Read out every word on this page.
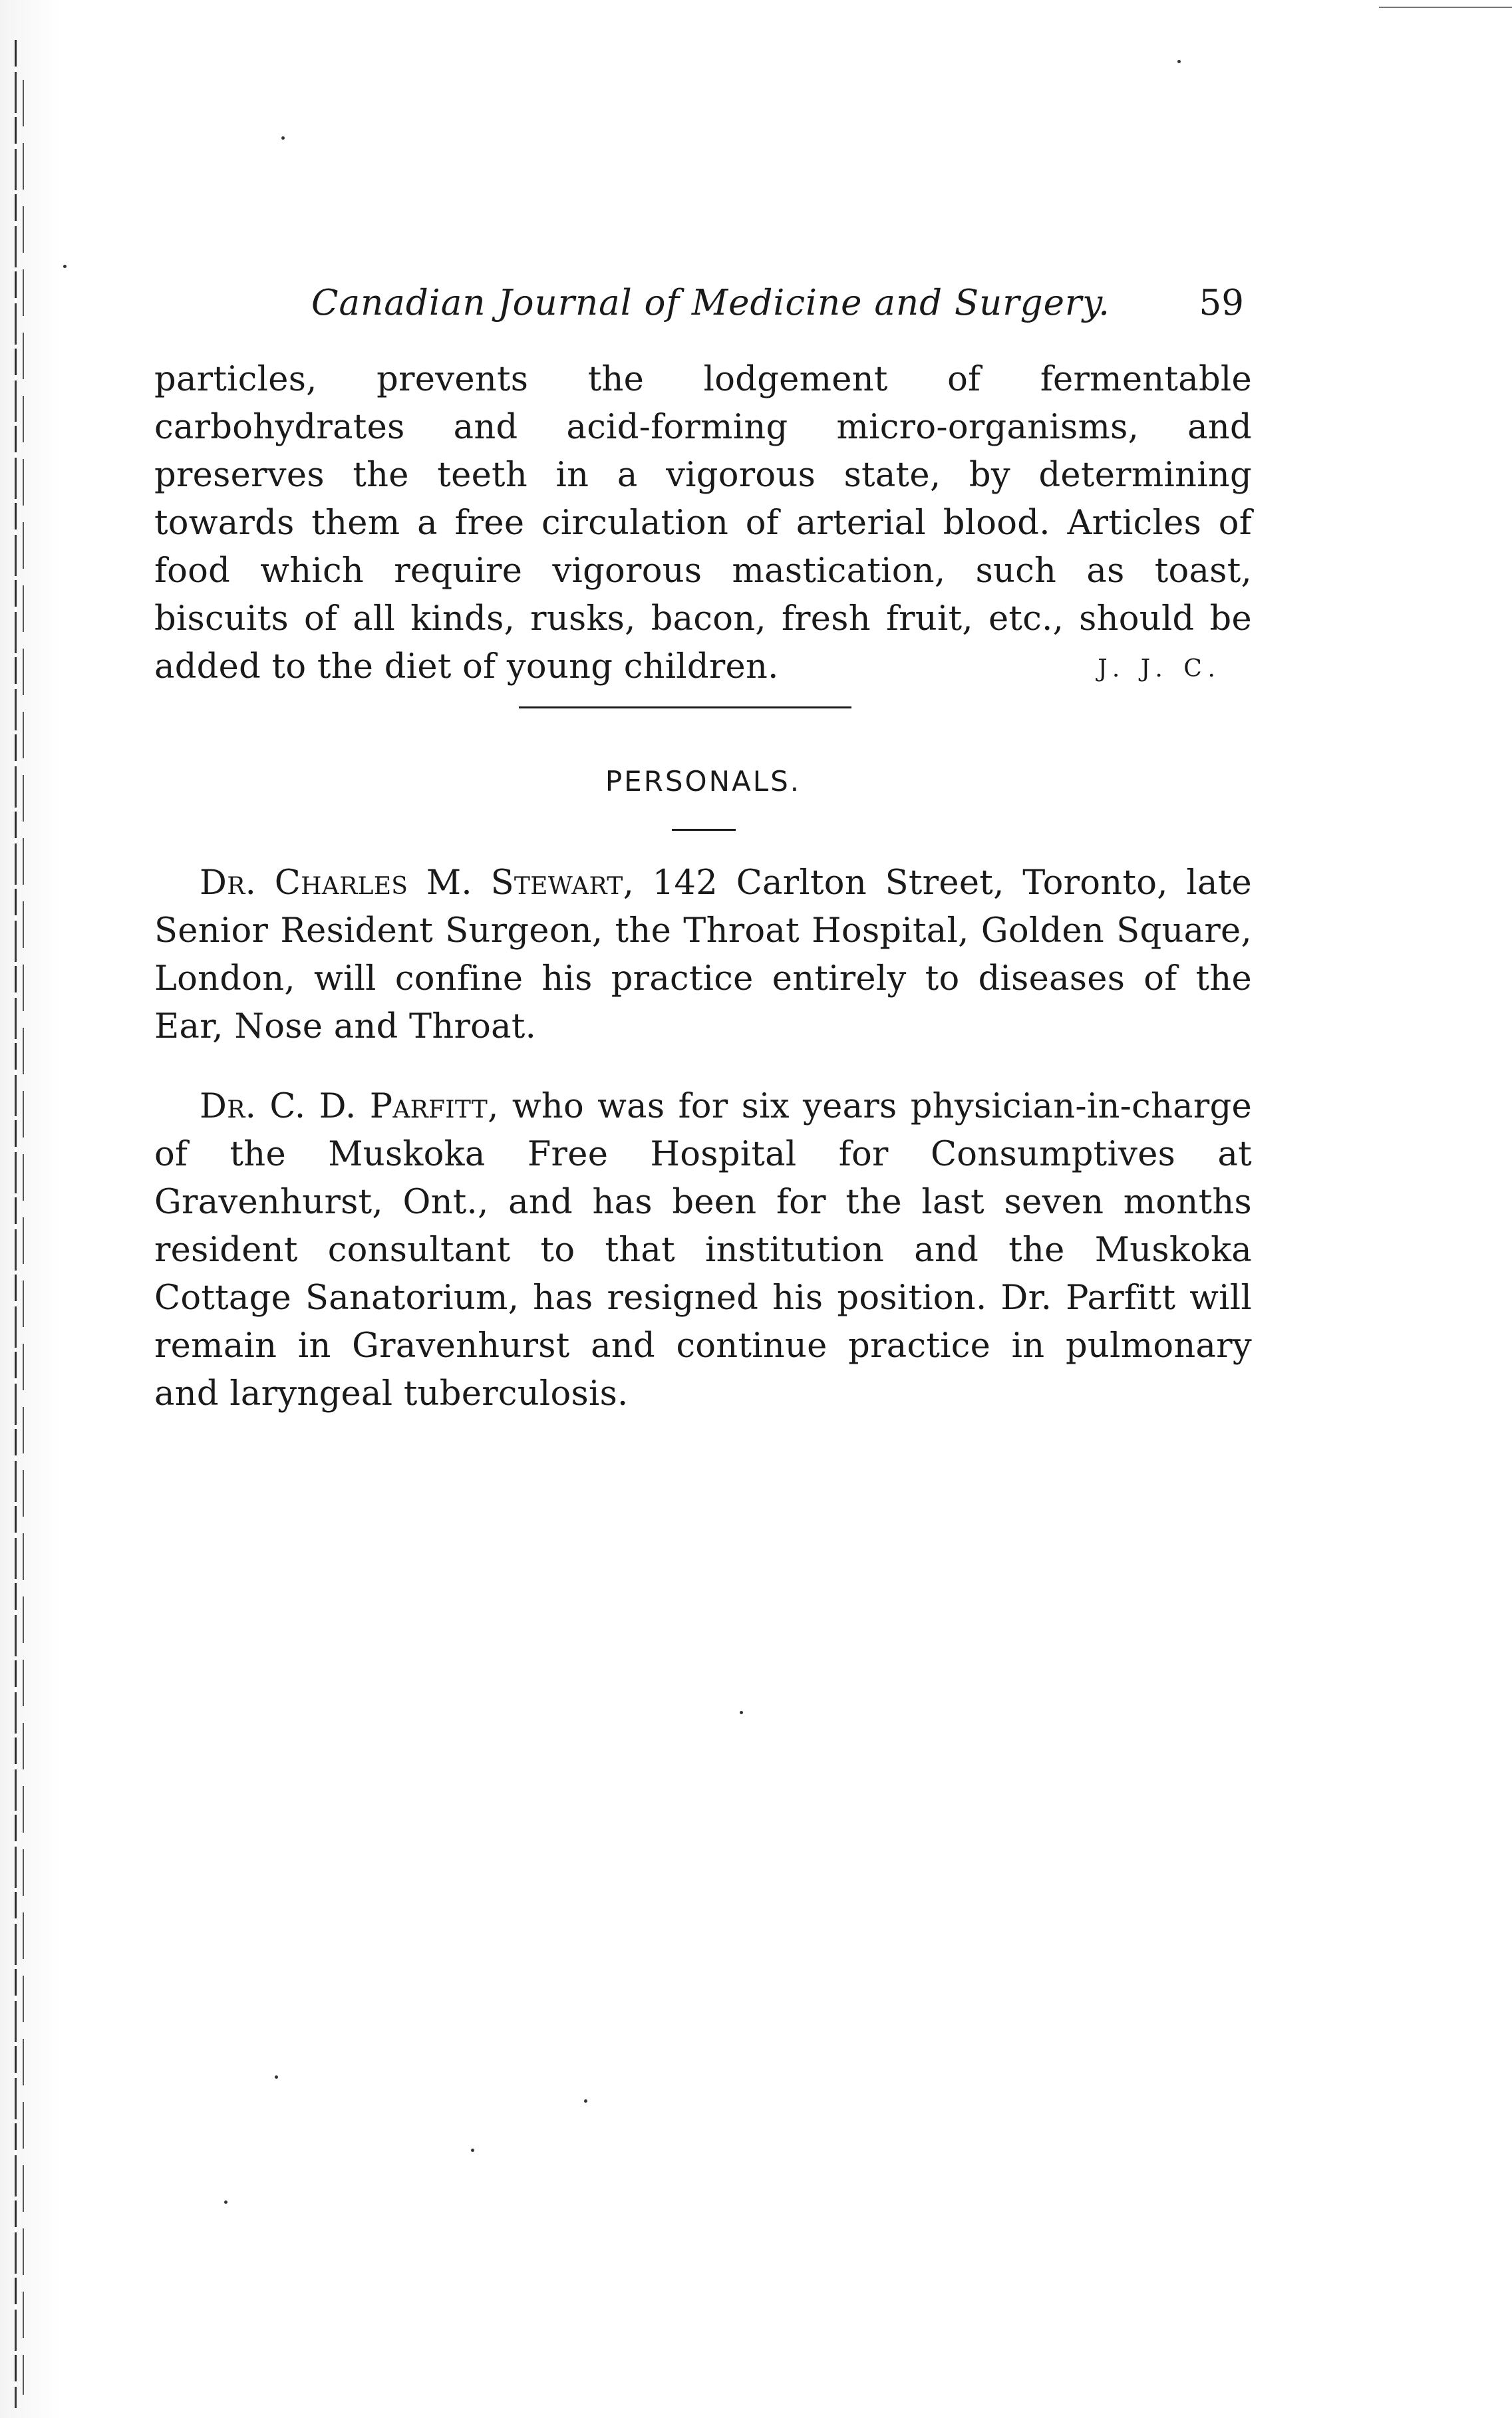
Canadian Journal of Medicine and Surgery.	59

particles, prevents the lodgement of fermentable carbohydrates and acid-forming micro-organisms, and preserves the teeth in a vigorous state, by determining towards them a free circulation of arterial blood. Articles of food which require vigorous mastication, such as toast, biscuits of all kinds, rusks, bacon, fresh fruit, etc., should be added to the diet of young children.	J. J. C.
PERSONALS.

Dr. Charles M. Stewart, 142 Carlton Street, Toronto, late Senior Resident Surgeon, the Throat Hospital, Golden Square, London, will confine his practice entirely to diseases of the Ear, Nose and Throat.

Dr. C. D. Parfitt, who was for six years physician-in-charge of the Muskoka Free Hospital for Consumptives at Gravenhurst, Ont., and has been for the last seven months resident consultant to that institution and the Muskoka Cottage Sanatorium, has resigned his position. Dr. Parfitt will remain in Gravenhurst and continue practice in pulmonary and laryngeal tuberculosis.
